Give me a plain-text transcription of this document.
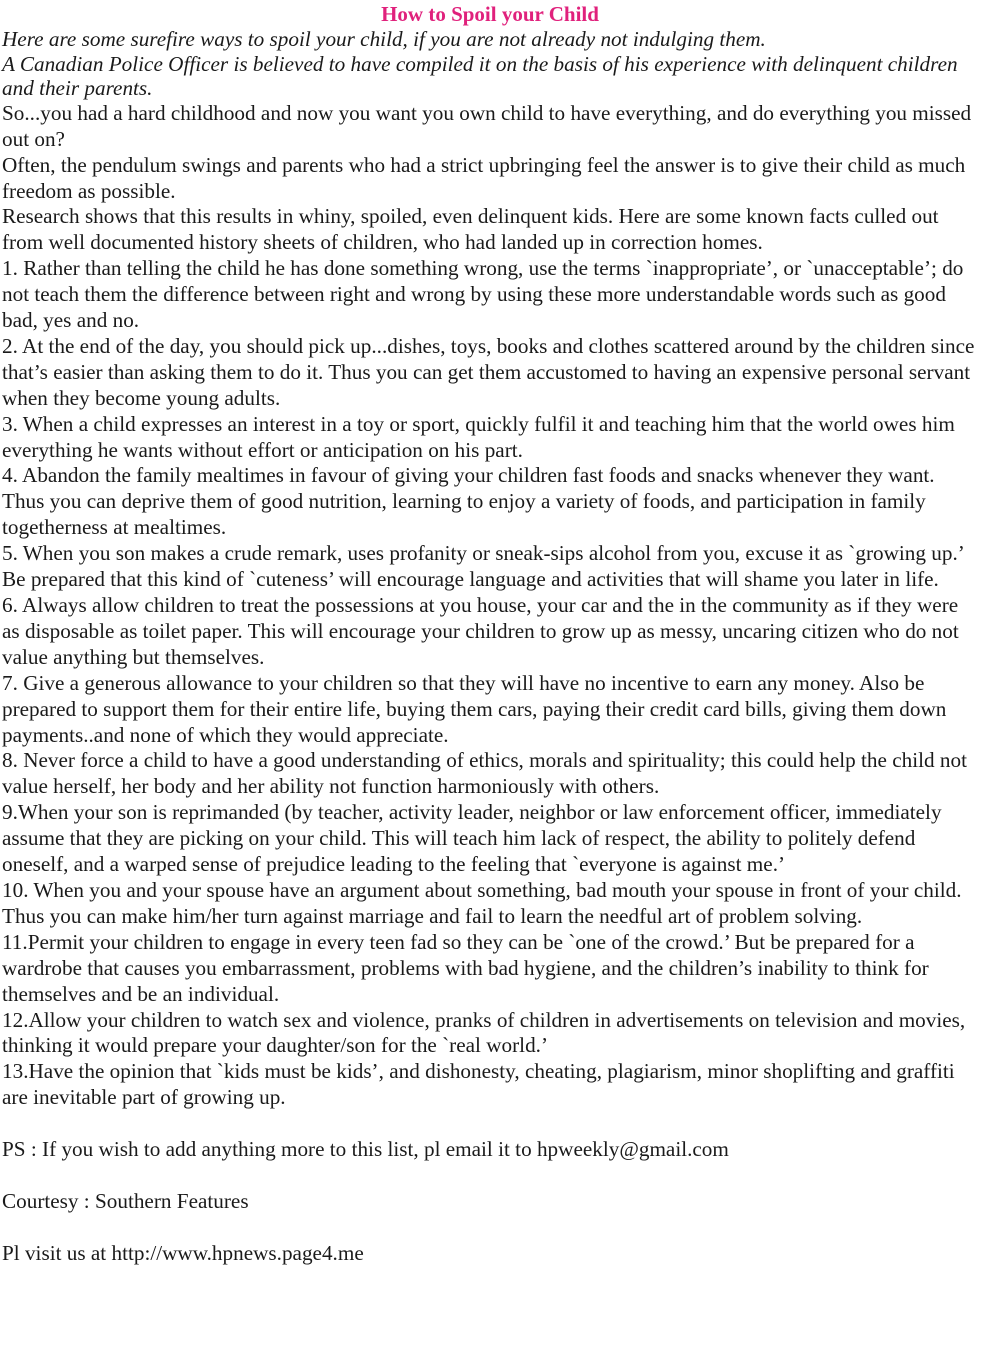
How to Spoil your Child

Here are some surefire ways to spoil your child, if you are not already not indulging them.

A Canadian Police Officer is believed to have compiled it on the basis of his experience with delinquent children and their parents.

So...you had a hard childhood and now you want you own child to have everything, and do everything you missed out on?

Often, the pendulum swings and parents who had a strict upbringing feel the answer is to give their child as much freedom as possible.

Research shows that this results in whiny, spoiled, even delinquent kids. Here are some known facts culled out from well documented history sheets of children, who had landed up in correction homes.

1. Rather than telling the child he has done something wrong, use the terms `inappropriate’, or `unacceptable’; do not teach them the difference between right and wrong by using these more understandable words such as good bad, yes and no.

2. At the end of the day, you should pick up...dishes, toys, books and clothes scattered around by the children since that’s easier than asking them to do it. Thus you can get them accustomed to having an expensive personal servant when they become young adults.

3. When a child expresses an interest in a toy or sport, quickly fulfil it and teaching him that the world owes him everything he wants without effort or anticipation on his part.

4. Abandon the family mealtimes in favour of giving your children fast foods and snacks whenever they want. Thus you can deprive them of good nutrition, learning to enjoy a variety of foods, and participation in family togetherness at mealtimes.

5. When you son makes a crude remark, uses profanity or sneak-sips alcohol from you, excuse it as `growing up.’ Be prepared that this kind of `cuteness’ will encourage language and activities that will shame you later in life.

6. Always allow children to treat the possessions at you house, your car and the in the community as if they were as disposable as toilet paper. This will encourage your children to grow up as messy, uncaring citizen who do not value anything but themselves.

7. Give a generous allowance to your children so that they will have no incentive to earn any money. Also be prepared to support them for their entire life, buying them cars, paying their credit card bills, giving them down payments..and none of which they would appreciate.

8. Never force a child to have a good understanding of ethics, morals and spirituality; this could help the child not value herself, her body and her ability not function harmoniously with others.

9.When your son is reprimanded (by teacher, activity leader, neighbor or law enforcement officer, immediately assume that they are picking on your child. This will teach him lack of respect, the ability to politely defend oneself, and a warped sense of prejudice leading to the feeling that `everyone is against me.’

10. When you and your spouse have an argument about something, bad mouth your spouse in front of your child. Thus you can make him/her turn against marriage and fail to learn the needful art of problem solving.

11.Permit your children to engage in every teen fad so they can be `one of the crowd.’ But be prepared for a wardrobe that causes you embarrassment, problems with bad hygiene, and the children’s inability to think for themselves and be an individual.

12.Allow your children to watch sex and violence, pranks of children in advertisements on television and movies, thinking it would prepare your daughter/son for the `real world.’

13.Have the opinion that `kids must be kids’, and dishonesty, cheating, plagiarism, minor shoplifting and graffiti are inevitable part of growing up.

PS : If you wish to add anything more to this list, pl email it to hpweekly@gmail.com

Courtesy : Southern Features

Pl visit us at http://www.hpnews.page4.me
